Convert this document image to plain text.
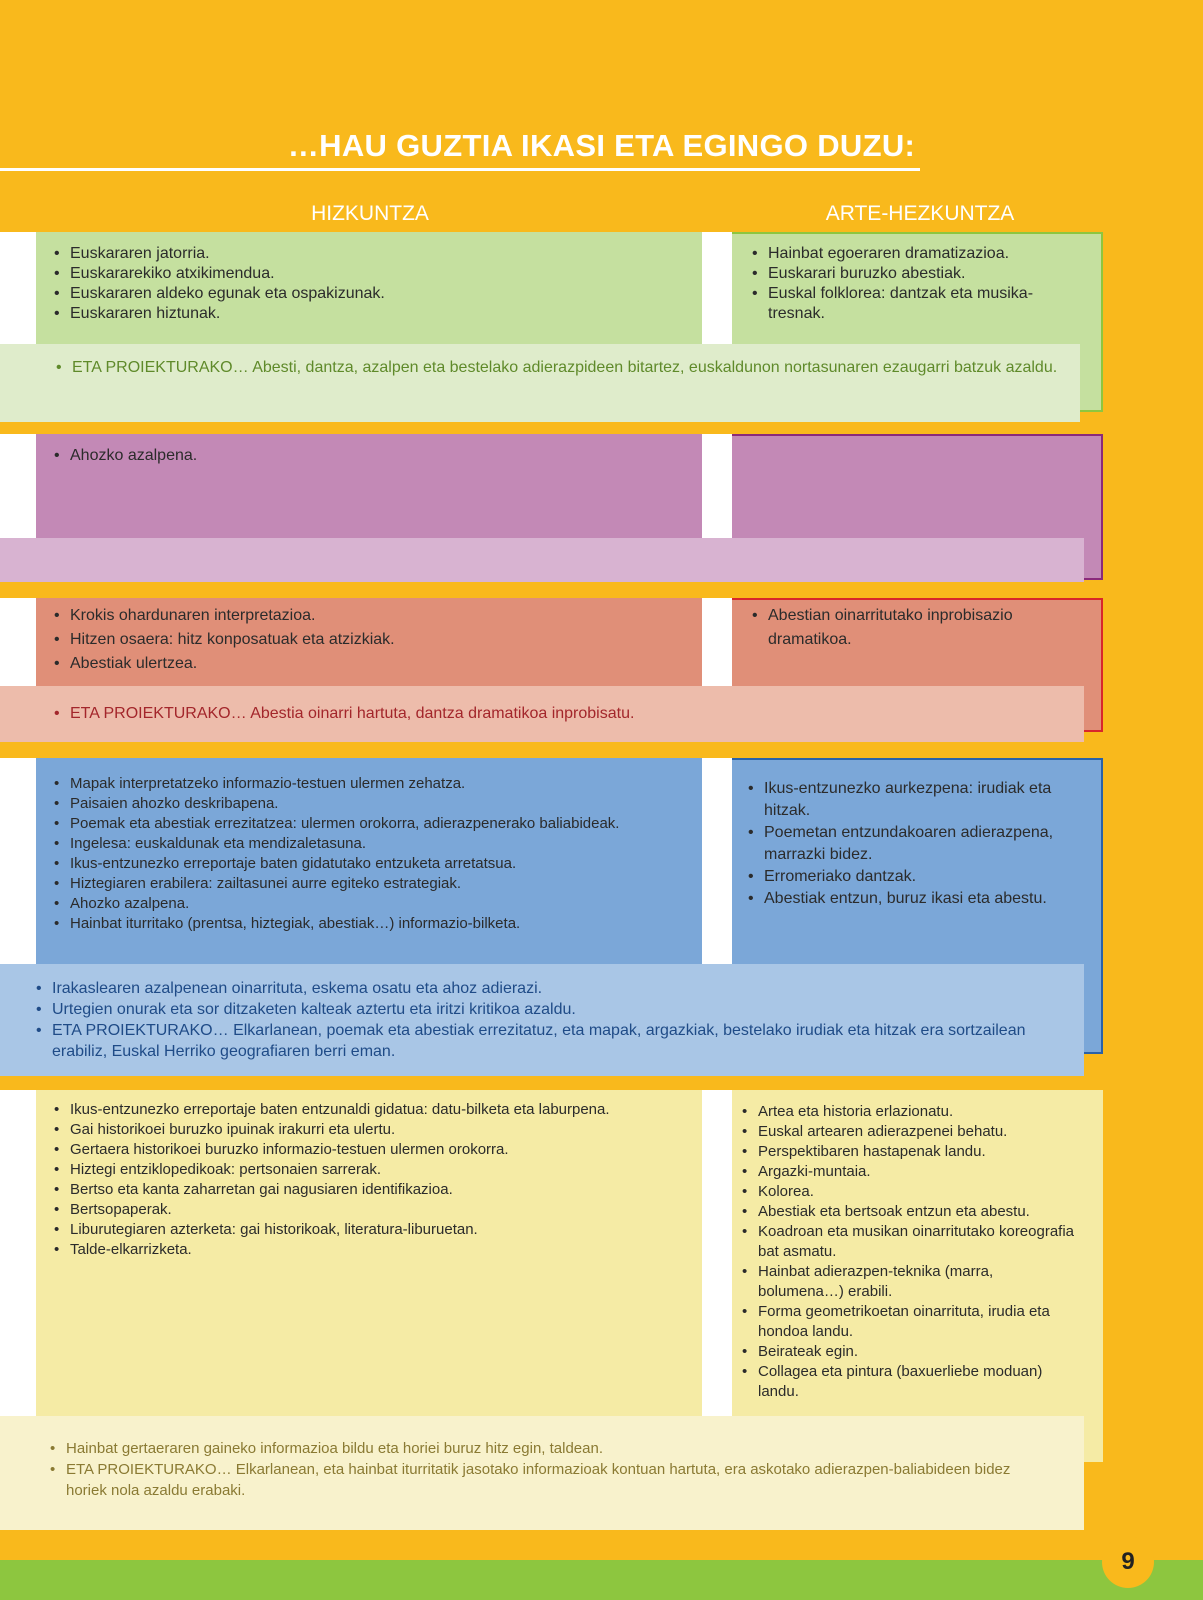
…HAU GUZTIA IKASI ETA EGINGO DUZU:
HIZKUNTZA	ARTE-HEZKUNTZA
• Euskararen jatorria.
• Euskararekiko atxikimendua.
• Euskararen aldeko egunak eta ospakizunak.
• Euskararen hiztunak.
• Hainbat egoeraren dramatizazioa.
• Euskarari buruzko abestiak.
• Euskal folklorea: dantzak eta musika-tresnak.
• ETA PROIEKTURAKO… Abesti, dantza, azalpen eta bestelako adierazpideen bitartez, euskaldunon nortasunaren ezaugarri batzuk azaldu.
• Ahozko azalpena.
• Krokis ohardunaren interpretazioa.
• Hitzen osaera: hitz konposatuak eta atzizkiak.
• Abestiak ulertzea.
• Abestian oinarritutako inprobisazio dramatikoa.
• ETA PROIEKTURAKO… Abestia oinarri hartuta, dantza dramatikoa inprobisatu.
• Mapak interpretatzeko informazio-testuen ulermen zehatza.
• Paisaien ahozko deskribapena.
• Poemak eta abestiak errezitatzea: ulermen orokorra, adierazpenerako baliabideak.
• Ingelesa: euskaldunak eta mendizaletasuna.
• Ikus-entzunezko erreportaje baten gidatutako entzuketa arretatsua.
• Hiztegiaren erabilera: zailtasunei aurre egiteko estrategiak.
• Ahozko azalpena.
• Hainbat iturritako (prentsa, hiztegiak, abestiak…) informazio-bilketa.
• Ikus-entzunezko aurkezpena: irudiak eta hitzak.
• Poemetan entzundakoaren adierazpena, marrazki bidez.
• Erromeriako dantzak.
• Abestiak entzun, buruz ikasi eta abestu.
• Irakaslearen azalpenean oinarrituta, eskema osatu eta ahoz adierazi.
• Urtegien onurak eta sor ditzaketen kalteak aztertu eta iritzi kritikoa azaldu.
• ETA PROIEKTURAKO… Elkarlanean, poemak eta abestiak errezitatuz, eta mapak, argazkiak, bestelako irudiak eta hitzak era sortzailean erabiliz, Euskal Herriko geografiaren berri eman.
• Ikus-entzunezko erreportaje baten entzunaldi gidatua: datu-bilketa eta laburpena.
• Gai historikoei buruzko ipuinak irakurri eta ulertu.
• Gertaera historikoei buruzko informazio-testuen ulermen orokorra.
• Hiztegi entziklopedikoak: pertsonaien sarrerak.
• Bertso eta kanta zaharretan gai nagusiaren identifikazioa.
• Bertsopaperak.
• Liburutegiaren azterketa: gai historikoak, literatura-liburuetan.
• Talde-elkarrizketa.
• Artea eta historia erlazionatu.
• Euskal artearen adierazpenei behatu.
• Perspektibaren hastapenak landu.
• Argazki-muntaia.
• Kolorea.
• Abestiak eta bertsoak entzun eta abestu.
• Koadroan eta musikan oinarritutako koreografia bat asmatu.
• Hainbat adierazpen-teknika (marra, bolumena…) erabili.
• Forma geometrikoetan oinarrituta, irudia eta hondoa landu.
• Beirateak egin.
• Collagea eta pintura (baxuerliebe moduan) landu.
• Hainbat gertaeraren gaineko informazioa bildu eta horiei buruz hitz egin, taldean.
• ETA PROIEKTURAKO… Elkarlanean, eta hainbat iturritatik jasotako informazioak kontuan hartuta, era askotako adierazpen-baliabideen bidez horiek nola azaldu erabaki.
9
